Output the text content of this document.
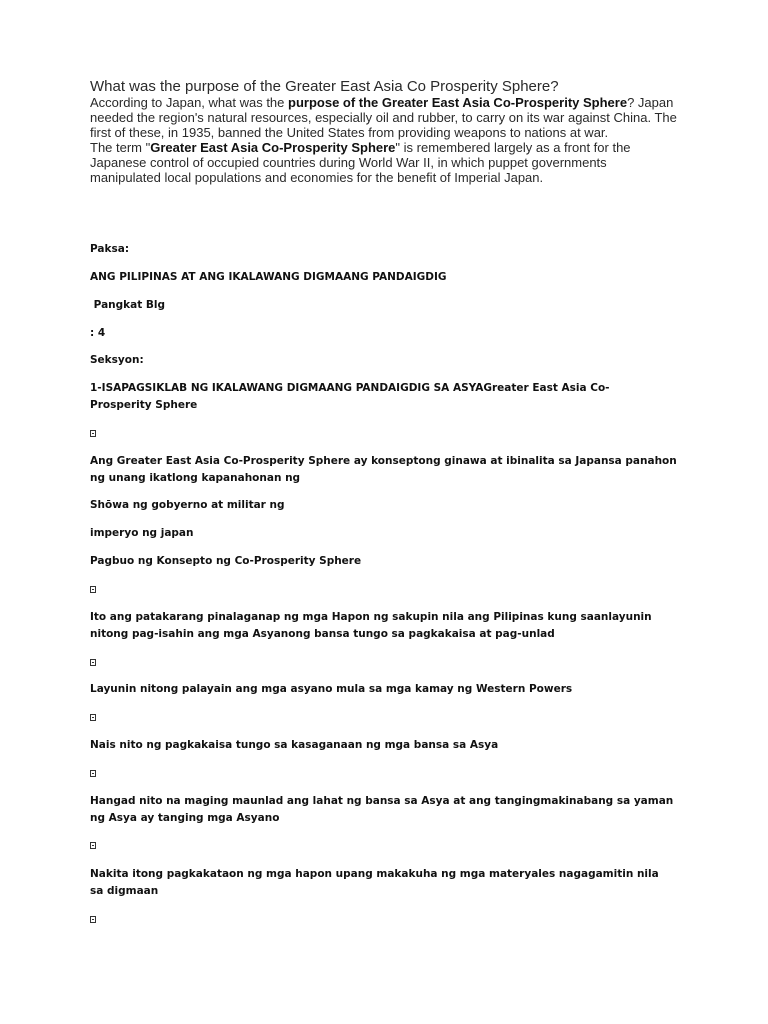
What was the purpose of the Greater East Asia Co Prosperity Sphere?

According to Japan, what was the purpose of the Greater East Asia Co-Prosperity Sphere? Japan needed the region's natural resources, especially oil and rubber, to carry on its war against China. The first of these, in 1935, banned the United States from providing weapons to nations at war.

The term "Greater East Asia Co-Prosperity Sphere" is remembered largely as a front for the Japanese control of occupied countries during World War II, in which puppet governments manipulated local populations and economies for the benefit of Imperial Japan.

Paksa:

ANG PILIPINAS AT ANG IKALAWANG DIGMAANG PANDAIGDIG

Pangkat Blg

: 4

Seksyon:

1-ISAPAGSIKLAB NG IKALAWANG DIGMAANG PANDAIGDIG SA ASYAGreater East Asia Co-Prosperity Sphere

Ang Greater East Asia Co-Prosperity Sphere ay konseptong ginawa at ibinalita sa Japansa panahon ng unang ikatlong kapanahonan ng

Shōwa ng gobyerno at militar ng

imperyo ng japan

Pagbuo ng Konsepto ng Co-Prosperity Sphere

Ito ang patakarang pinalaganap ng mga Hapon ng sakupin nila ang Pilipinas kung saanlayunin nitong pag-isahin ang mga Asyanong bansa tungo sa pagkakaisa at pag-unlad

Layunin nitong palayain ang mga asyano mula sa mga kamay ng Western Powers

Nais nito ng pagkakaisa tungo sa kasaganaan ng mga bansa sa Asya

Hangad nito na maging maunlad ang lahat ng bansa sa Asya at ang tangingmakinabang sa yaman ng Asya ay tanging mga Asyano

Nakita itong pagkakataon ng mga hapon upang makakuha ng mga materyales nagagamitin nila sa digmaan
